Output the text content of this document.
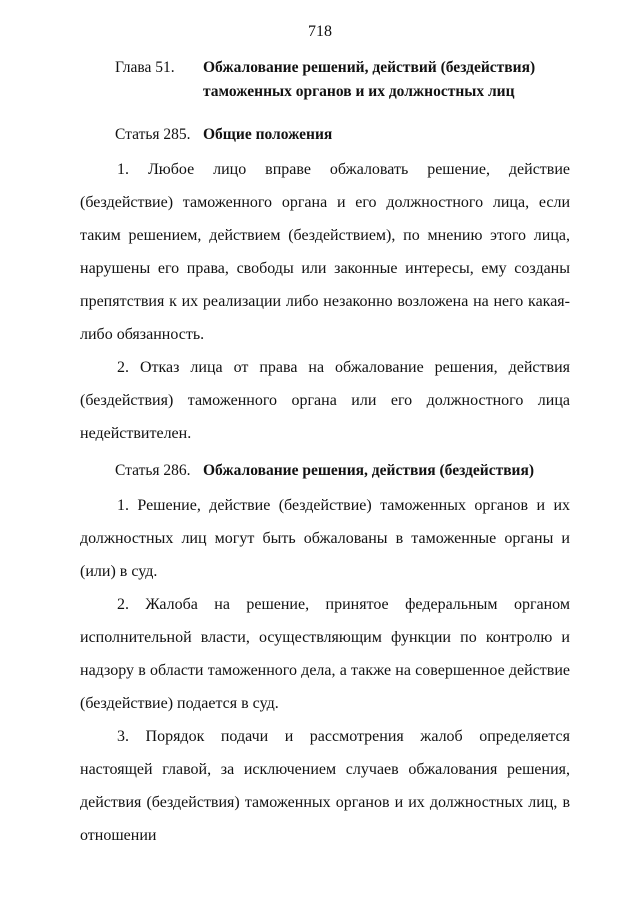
718
Глава 51.	Обжалование решений, действий (бездействия) таможенных органов и их должностных лиц
Статья 285. Общие положения

1. Любое лицо вправе обжаловать решение, действие (бездействие) таможенного органа и его должностного лица, если таким решением, действием (бездействием), по мнению этого лица, нарушены его права, свободы или законные интересы, ему созданы препятствия к их реализации либо незаконно возложена на него какая-либо обязанность.

2. Отказ лица от права на обжалование решения, действия (бездействия) таможенного органа или его должностного лица недействителен.

Статья 286. Обжалование решения, действия (бездействия)

1. Решение, действие (бездействие) таможенных органов и их должностных лиц могут быть обжалованы в таможенные органы и (или) в суд.

2. Жалоба на решение, принятое федеральным органом исполнительной власти, осуществляющим функции по контролю и надзору в области таможенного дела, а также на совершенное действие (бездействие) подается в суд.

3. Порядок подачи и рассмотрения жалоб определяется настоящей главой, за исключением случаев обжалования решения, действия (бездействия) таможенных органов и их должностных лиц, в отношении
